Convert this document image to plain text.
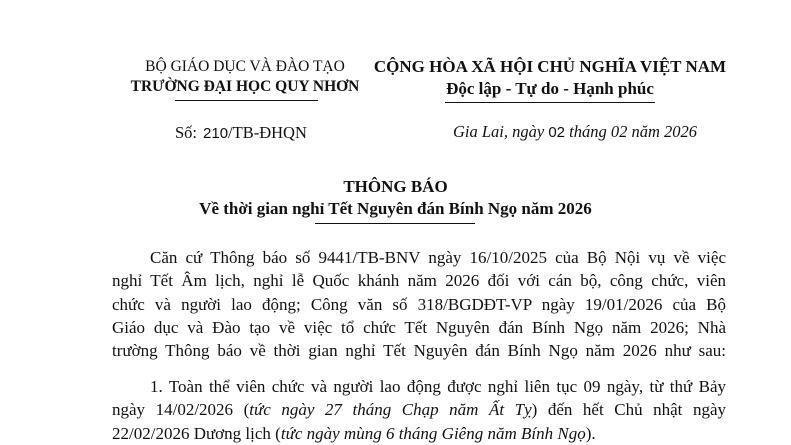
BỘ GIÁO DỤC VÀ ĐÀO TẠO
TRƯỜNG ĐẠI HỌC QUY NHƠN
CỘNG HÒA XÃ HỘI CHỦ NGHĨA VIỆT NAM
Độc lập - Tự do - Hạnh phúc
Số: 210/TB-ĐHQN	Gia Lai, ngày 02 tháng 02 năm 2026
THÔNG BÁO
Về thời gian nghỉ Tết Nguyên đán Bính Ngọ năm 2026
Căn cứ Thông báo số 9441/TB-BNV ngày 16/10/2025 của Bộ Nội vụ về việc
nghỉ Tết Âm lịch, nghỉ lễ Quốc khánh năm 2026 đối với cán bộ, công chức, viên
chức và người lao động; Công văn số 318/BGDĐT-VP ngày 19/01/2026 của Bộ
Giáo dục và Đào tạo về việc tổ chức Tết Nguyên đán Bính Ngọ năm 2026; Nhà
trường Thông báo về thời gian nghỉ Tết Nguyên đán Bính Ngọ năm 2026 như sau:
1. Toàn thể viên chức và người lao động được nghỉ liên tục 09 ngày, từ thứ Bảy
ngày 14/02/2026 (tức ngày 27 tháng Chạp năm Ất Tỵ) đến hết Chủ nhật ngày
22/02/2026 Dương lịch (tức ngày mùng 6 tháng Giêng năm Bính Ngọ).
